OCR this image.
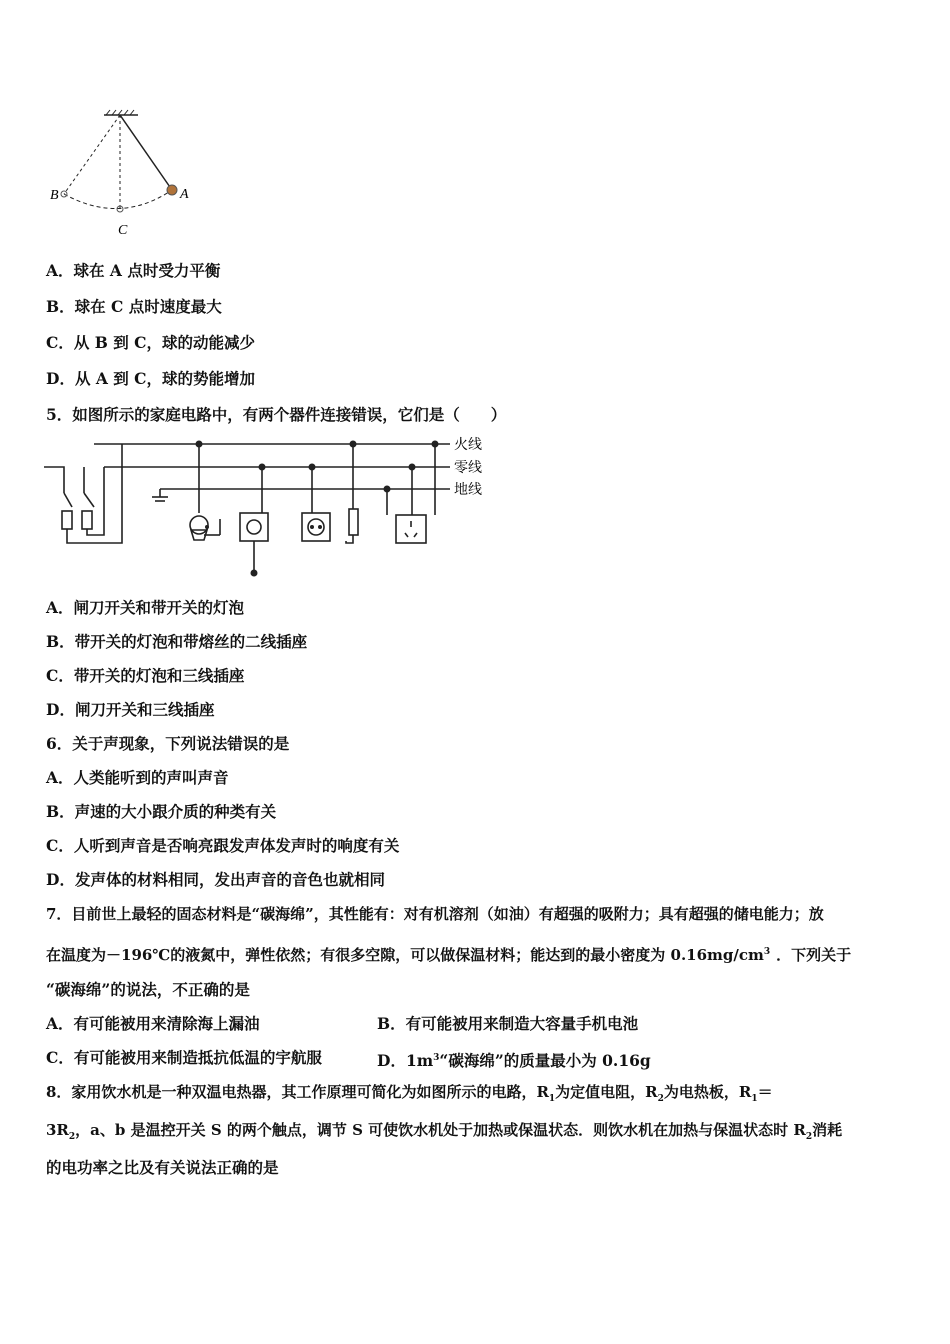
A
B
C
A．球在 A 点时受力平衡
B．球在 C 点时速度最大
C．从 B 到 C，球的动能减少
D．从 A 到 C，球的势能增加
5．如图所示的家庭电路中，有两个器件连接错误，它们是（　　）
火线
零线
地线
A．闸刀开关和带开关的灯泡
B．带开关的灯泡和带熔丝的二线插座
C．带开关的灯泡和三线插座
D．闸刀开关和三线插座
6．关于声现象，下列说法错误的是
A．人类能听到的声叫声音
B．声速的大小跟介质的种类有关
C．人听到声音是否响亮跟发声体发声时的响度有关
D．发声体的材料相同，发出声音的音色也就相同
7．目前世上最轻的固态材料是“碳海绵”，其性能有：对有机溶剂（如油）有超强的吸附力；具有超强的储电能力；放
在温度为－196℃的液氮中，弹性依然；有很多空隙，可以做保温材料；能达到的最小密度为 $0.16mg/cm^3$ ．下列关于
“碳海绵”的说法，不正确的是
A．有可能被用来清除海上漏油	B．有可能被用来制造大容量手机电池
C．有可能被用来制造抵抗低温的宇航服	D．$1m^3“$碳海绵”的质量最小为 0.16g
8．家用饮水机是一种双温电热器，其工作原理可简化为如图所示的电路，$R_1$为定值电阻，$R_2$为电热板，$R_1=$
$3R_2$，a、b 是温控开关 S 的两个触点，调节 S 可使饮水机处于加热或保温状态．则饮水机在加热与保温状态时 $R_2$消耗
的电功率之比及有关说法正确的是
